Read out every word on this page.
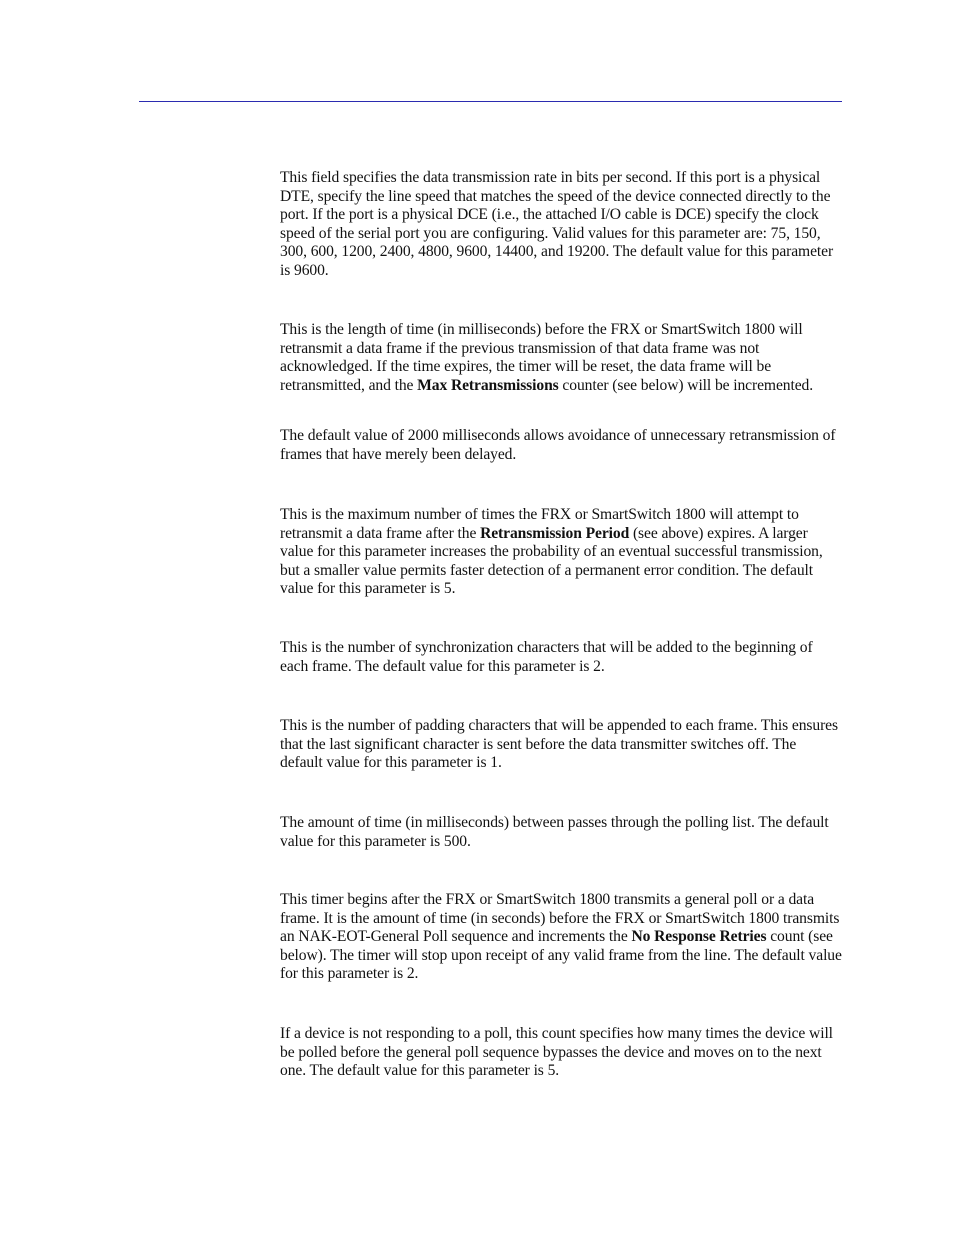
This field specifies the data transmission rate in bits per second. If this port is a physical DTE, specify the line speed that matches the speed of the device connected directly to the port. If the port is a physical DCE (i.e., the attached I/O cable is DCE) specify the clock speed of the serial port you are configuring. Valid values for this parameter are: 75, 150, 300, 600, 1200, 2400, 4800, 9600, 14400, and 19200. The default value for this parameter is 9600.

This is the length of time (in milliseconds) before the FRX or SmartSwitch 1800 will retransmit a data frame if the previous transmission of that data frame was not acknowledged. If the time expires, the timer will be reset, the data frame will be retransmitted, and the Max Retransmissions counter (see below) will be incremented.

The default value of 2000 milliseconds allows avoidance of unnecessary retransmission of frames that have merely been delayed.

This is the maximum number of times the FRX or SmartSwitch 1800 will attempt to retransmit a data frame after the Retransmission Period (see above) expires. A larger value for this parameter increases the probability of an eventual successful transmission, but a smaller value permits faster detection of a permanent error condition. The default value for this parameter is 5.

This is the number of synchronization characters that will be added to the beginning of each frame. The default value for this parameter is 2.

This is the number of padding characters that will be appended to each frame. This ensures that the last significant character is sent before the data transmitter switches off. The default value for this parameter is 1.

The amount of time (in milliseconds) between passes through the polling list. The default value for this parameter is 500.

This timer begins after the FRX or SmartSwitch 1800 transmits a general poll or a data frame. It is the amount of time (in seconds) before the FRX or SmartSwitch 1800 transmits an NAK-EOT-General Poll sequence and increments the No Response Retries count (see below). The timer will stop upon receipt of any valid frame from the line. The default value for this parameter is 2.

If a device is not responding to a poll, this count specifies how many times the device will be polled before the general poll sequence bypasses the device and moves on to the next one. The default value for this parameter is 5.
